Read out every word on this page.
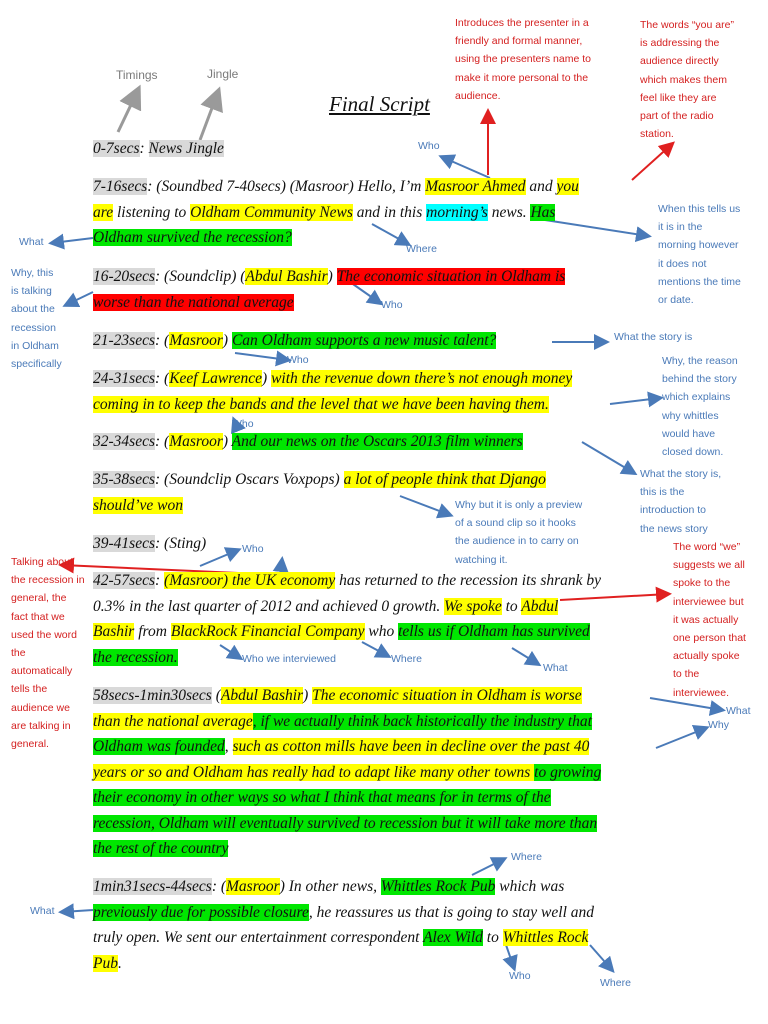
Timings	Jingle
Final Script
0-7secs: News Jingle
7-16secs: (Soundbed 7-40secs) (Masroor) Hello, I’m Masroor Ahmed and you
are listening to Oldham Community News and in this morning’s news. Has
Oldham survived the recession?
16-20secs: (Soundclip) (Abdul Bashir) The economic situation in Oldham is
worse than the national average
21-23secs: (Masroor) Can Oldham supports a new music talent?
24-31secs: (Keef Lawrence) with the revenue down there’s not enough money
coming in to keep the bands and the level that we have been having them.
32-34secs: (Masroor) And our news on the Oscars 2013 film winners
35-38secs: (Soundclip Oscars Voxpops) a lot of people think that Django
should’ve won
39-41secs: (Sting)
42-57secs: (Masroor) the UK economy has returned to the recession its shrank by
0.3% in the last quarter of 2012 and achieved 0 growth. We spoke to Abdul
Bashir from BlackRock Financial Company who tells us if Oldham has survived
the recession.
58secs-1min30secs (Abdul Bashir) The economic situation in Oldham is worse
than the national average, if we actually think back historically the industry that
Oldham was founded, such as cotton mills have been in decline over the past 40
years or so and Oldham has really had to adapt like many other towns to growing
their economy in other ways so what I think that means for in terms of the
recession, Oldham will eventually survived to recession but it will take more than
the rest of the country
1min31secs-44secs: (Masroor) In other news, Whittles Rock Pub which was
previously due for possible closure, he reassures us that is going to stay well and
truly open. We sent our entertainment correspondent Alex Wild to Whittles Rock
Pub.
Introduces the presenter in a
friendly and formal manner,
using the presenters name to
make it more personal to the
audience.
The words “you are”
is addressing the
audience directly
which makes them
feel like they are
part of the radio
station.
Talking about
the recession in
general, the
fact that we
used the word
the
automatically
tells the
audience we
are talking in
general.
The word “we”
suggests we all
spoke to the
interviewee but
it was actually
one person that
actually spoke
to the
interviewee.
When this tells us
it is in the
morning however
it does not
mentions the time
or date.
Why, this
is talking
about the
recession
in Oldham
specifically	Why, the reason
behind the story
which explains
why whittles
would have
closed down.
What the story is,
this is the
introduction to
the news story
Why but it is only a preview
of a sound clip so it hooks
the audience in to carry on
watching it.
Who
What
Where
Who
What the story is
Who
Who
Who
Who we interviewed	Where
What
What
Why
Where
What
Who
Where
